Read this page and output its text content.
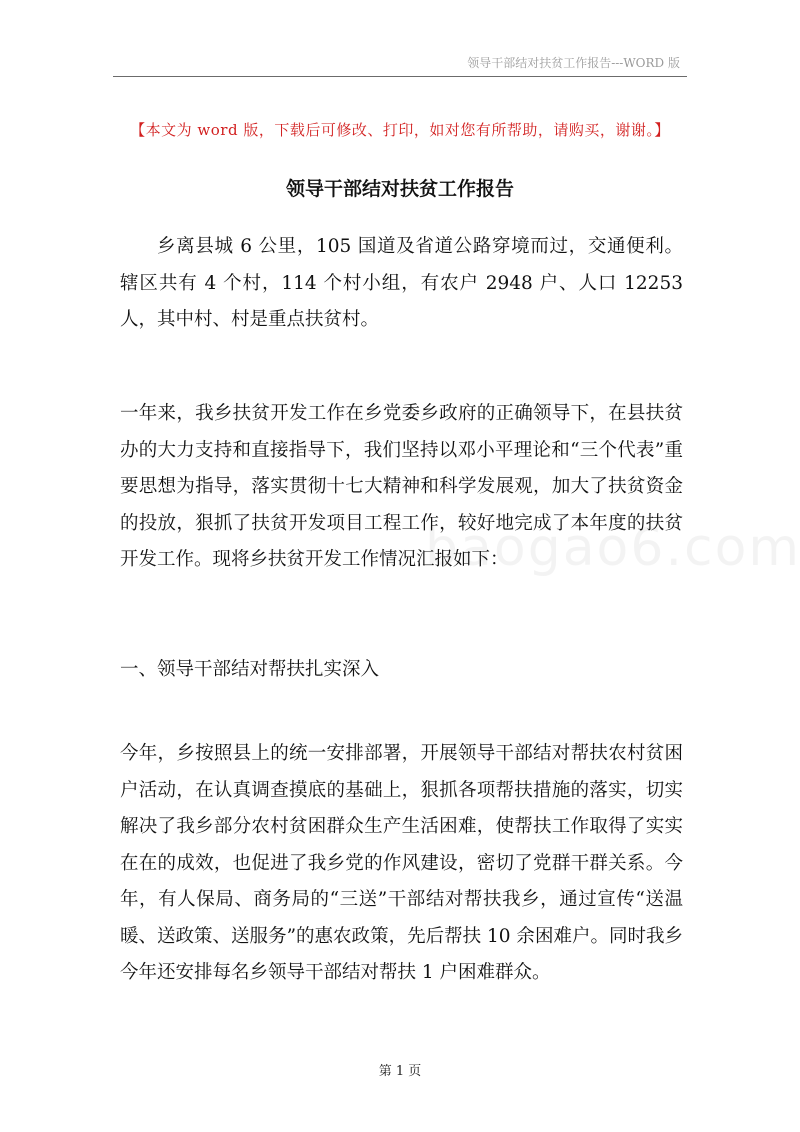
领导干部结对扶贫工作报告---WORD 版
【本文为 word 版，下载后可修改、打印，如对您有所帮助，请购买，谢谢。】
领导干部结对扶贫工作报告

乡离县城 6 公里，105 国道及省道公路穿境而过，交通便利。辖区共有 4 个村，114 个村小组，有农户 2948 户、人口 12253 人，其中村、村是重点扶贫村。

一年来，我乡扶贫开发工作在乡党委乡政府的正确领导下，在县扶贫办的大力支持和直接指导下，我们坚持以邓小平理论和“三个代表”重要思想为指导，落实贯彻十七大精神和科学发展观，加大了扶贫资金的投放，狠抓了扶贫开发项目工程工作，较好地完成了本年度的扶贫开发工作。现将乡扶贫开发工作情况汇报如下：

一、领导干部结对帮扶扎实深入

今年，乡按照县上的统一安排部署，开展领导干部结对帮扶农村贫困户活动，在认真调查摸底的基础上，狠抓各项帮扶措施的落实，切实解决了我乡部分农村贫困群众生产生活困难，使帮扶工作取得了实实在在的成效，也促进了我乡党的作风建设，密切了党群干群关系。今年，有人保局、商务局的“三送”干部结对帮扶我乡，通过宣传“送温暖、送政策、送服务”的惠农政策，先后帮扶 10 余困难户。同时我乡今年还安排每名乡领导干部结对帮扶 1 户困难群众。

第 1 页
